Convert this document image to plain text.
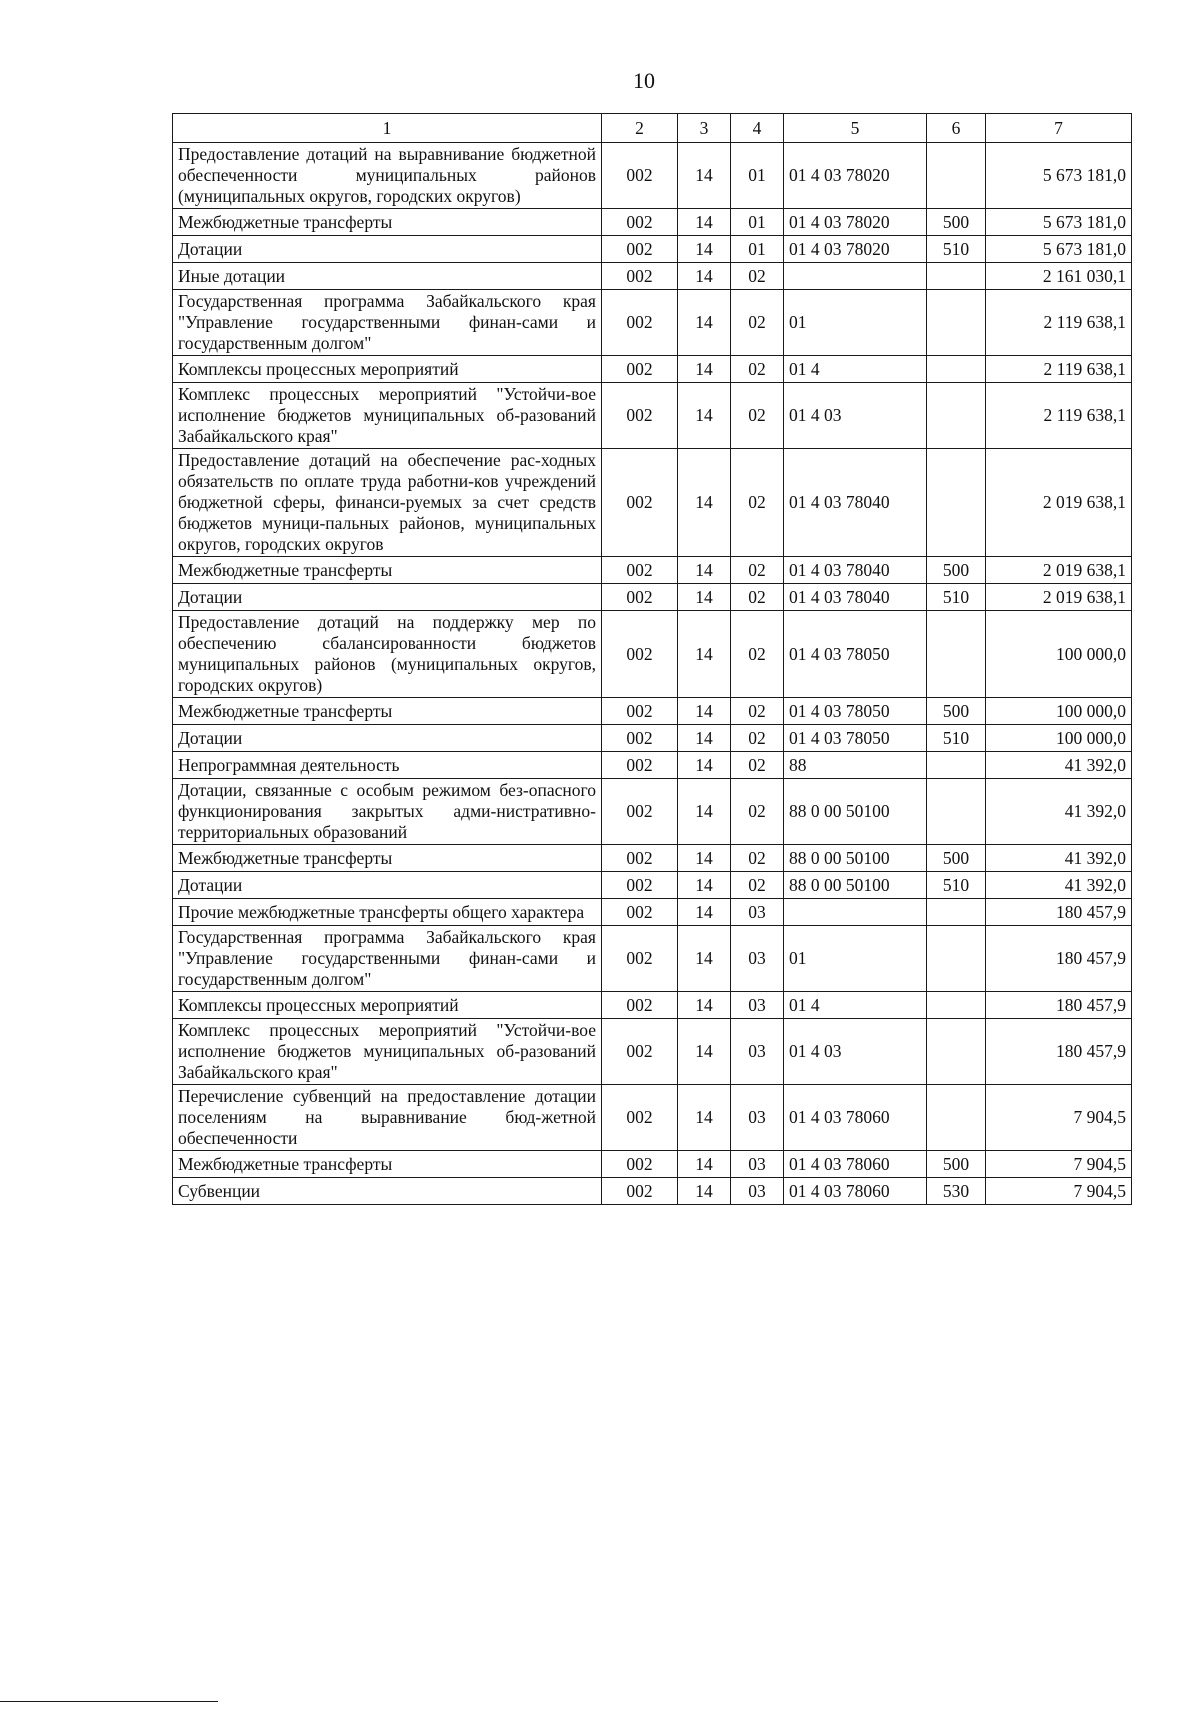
10
1	2	3	4	5	6	7
Предоставление дотаций на выравнивание бюджетной обеспеченности муниципальных районов (муниципальных округов, городских округов)	002	14	01	01 4 03 78020		5 673 181,0
Межбюджетные трансферты	002	14	01	01 4 03 78020	500	5 673 181,0
Дотации	002	14	01	01 4 03 78020	510	5 673 181,0
Иные дотации	002	14	02			2 161 030,1
Государственная программа Забайкальского края "Управление государственными финан-сами и государственным долгом"	002	14	02	01		2 119 638,1
Комплексы процессных мероприятий	002	14	02	01 4		2 119 638,1
Комплекс процессных мероприятий "Устойчи-вое исполнение бюджетов муниципальных об-разований Забайкальского края"	002	14	02	01 4 03		2 119 638,1
Предоставление дотаций на обеспечение рас-ходных обязательств по оплате труда работни-ков учреждений бюджетной сферы, финанси-руемых за счет средств бюджетов муници-пальных районов, муниципальных округов, городских округов	002	14	02	01 4 03 78040		2 019 638,1
Межбюджетные трансферты	002	14	02	01 4 03 78040	500	2 019 638,1
Дотации	002	14	02	01 4 03 78040	510	2 019 638,1
Предоставление дотаций на поддержку мер по обеспечению сбалансированности бюджетов муниципальных районов (муниципальных округов, городских округов)	002	14	02	01 4 03 78050		100 000,0
Межбюджетные трансферты	002	14	02	01 4 03 78050	500	100 000,0
Дотации	002	14	02	01 4 03 78050	510	100 000,0
Непрограммная деятельность	002	14	02	88		41 392,0
Дотации, связанные с особым режимом без-опасного функционирования закрытых адми-нистративно-территориальных образований	002	14	02	88 0 00 50100		41 392,0
Межбюджетные трансферты	002	14	02	88 0 00 50100	500	41 392,0
Дотации	002	14	02	88 0 00 50100	510	41 392,0
Прочие межбюджетные трансферты общего характера	002	14	03			180 457,9
Государственная программа Забайкальского края "Управление государственными финан-сами и государственным долгом"	002	14	03	01		180 457,9
Комплексы процессных мероприятий	002	14	03	01 4		180 457,9
Комплекс процессных мероприятий "Устойчи-вое исполнение бюджетов муниципальных об-разований Забайкальского края"	002	14	03	01 4 03		180 457,9
Перечисление субвенций на предоставление дотации поселениям на выравнивание бюд-жетной обеспеченности	002	14	03	01 4 03 78060		7 904,5
Межбюджетные трансферты	002	14	03	01 4 03 78060	500	7 904,5
Субвенции	002	14	03	01 4 03 78060	530	7 904,5
